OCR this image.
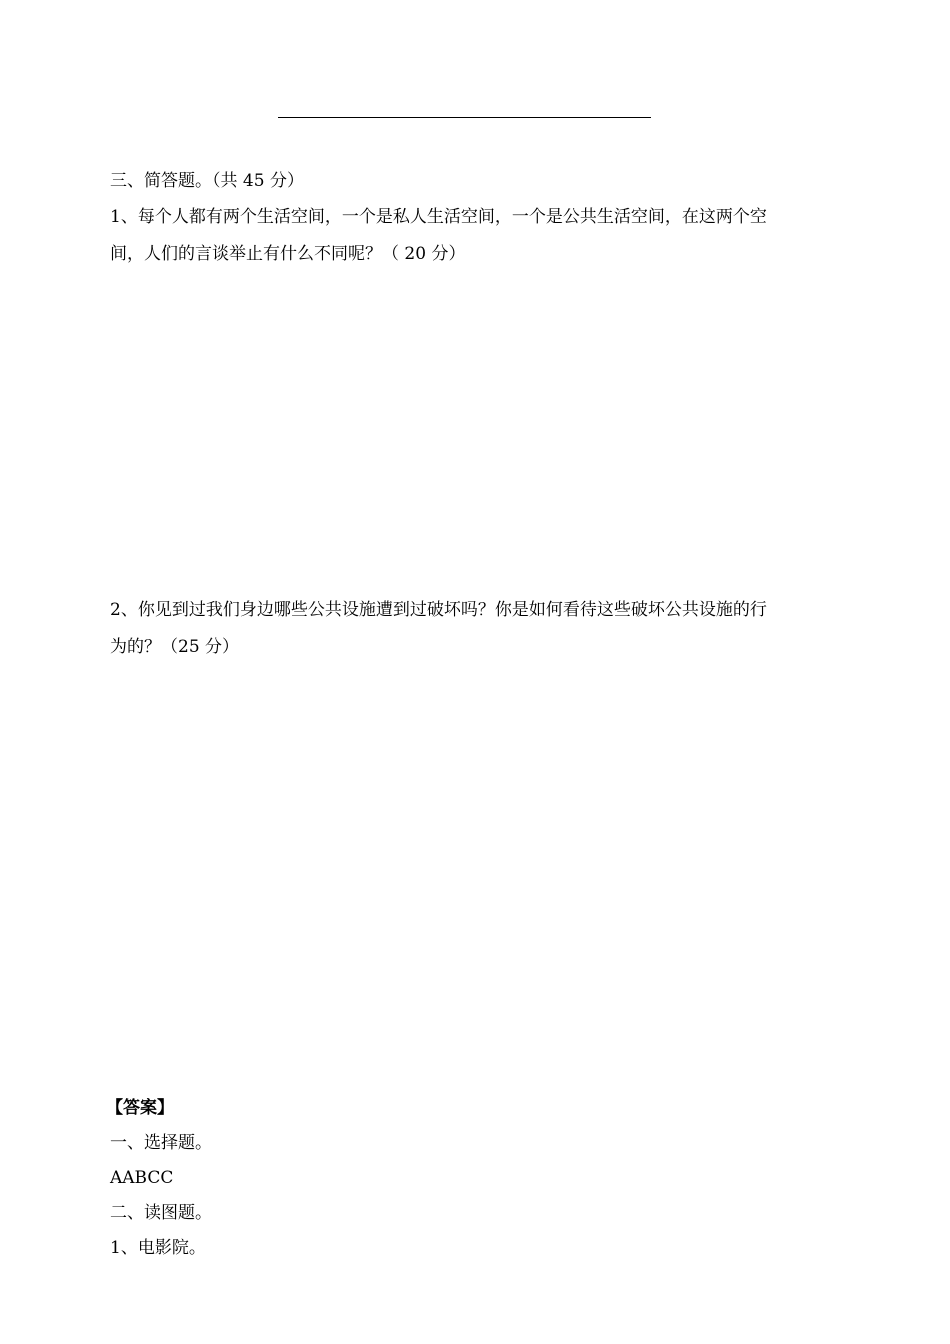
三、简答题。（共 45 分）
1、每个人都有两个生活空间，一个是私人生活空间，一个是公共生活空间，在这两个空
间，人们的言谈举止有什么不同呢？（ 20 分）
2、你见到过我们身边哪些公共设施遭到过破坏吗？你是如何看待这些破坏公共设施的行
为的？（25 分）
【答案】
一、选择题。
AABCC
二、读图题。
1、电影院。
